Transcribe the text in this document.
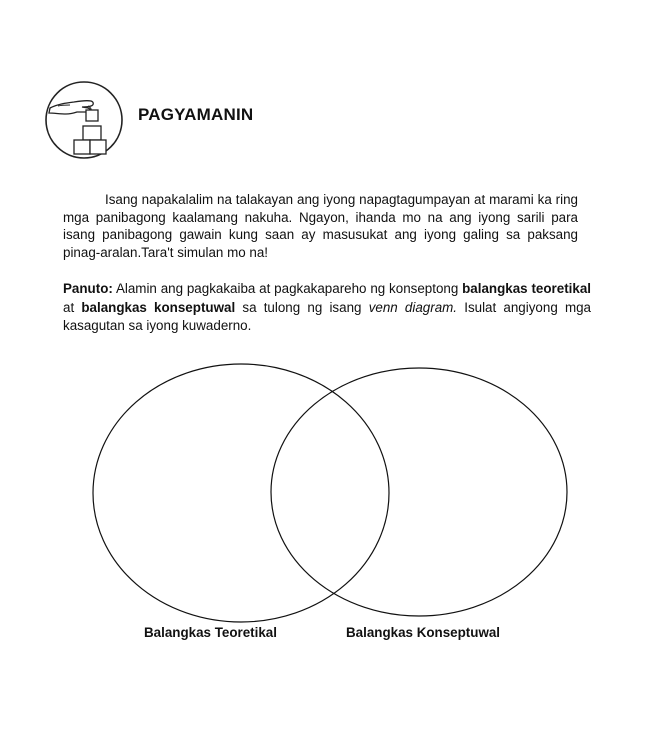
PAGYAMANIN

Isang napakalalim na talakayan ang iyong napagtagumpayan at marami ka ring mga panibagong kaalamang nakuha. Ngayon, ihanda mo na ang iyong sarili para isang panibagong gawain kung saan ay masusukat ang iyong galing sa paksang pinag-aralan.Tara't simulan mo na!

Panuto: Alamin ang pagkakaiba at pagkakapareho ng konseptong balangkas teoretikal at balangkas konseptuwal sa tulong ng isang venn diagram. Isulat angiyong mga kasagutan sa iyong kuwaderno.

Balangkas Teoretikal	Balangkas Konseptuwal
